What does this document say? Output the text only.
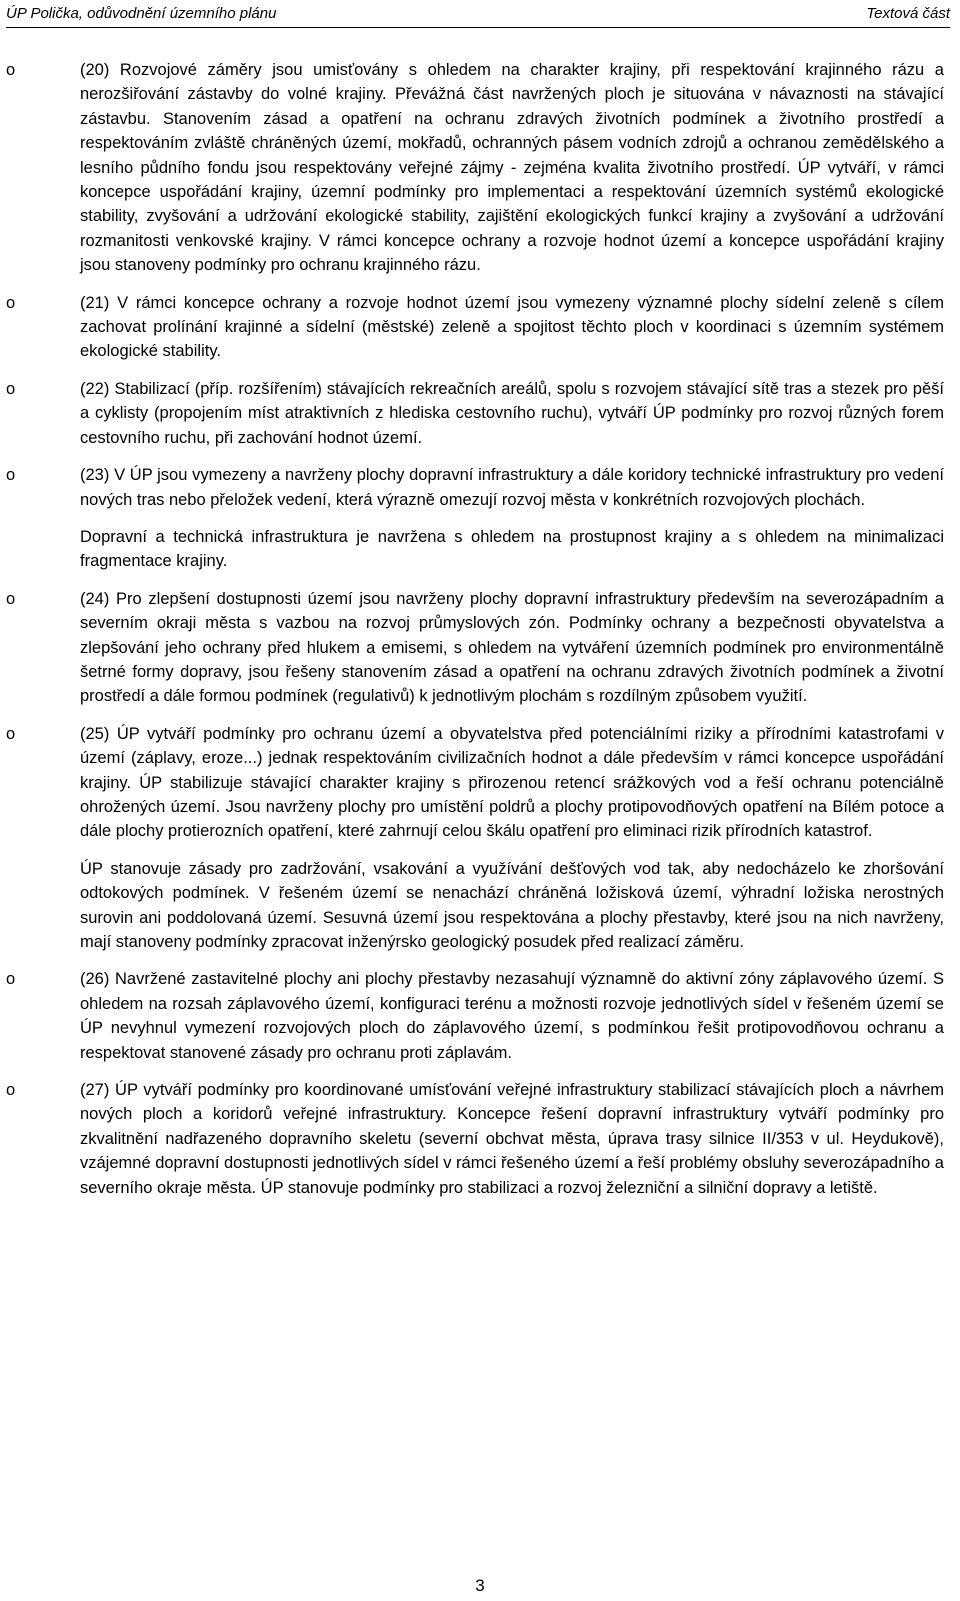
ÚP Polička, odůvodnění územního plánu	Textová část
o	(20) Rozvojové záměry jsou umisťovány s ohledem na charakter krajiny, při respektování krajinného rázu a nerozšiřování zástavby do volné krajiny. Převážná část navržených ploch je situována v návaznosti na stávající zástavbu. Stanovením zásad a opatření na ochranu zdravých životních podmínek a životního prostředí a respektováním zvláště chráněných území, mokřadů, ochranných pásem vodních zdrojů a ochranou zemědělského a lesního půdního fondu jsou respektovány veřejné zájmy - zejména kvalita životního prostředí. ÚP vytváří, v rámci koncepce uspořádání krajiny, územní podmínky pro implementaci a respektování územních systémů ekologické stability, zvyšování a udržování ekologické stability, zajištění ekologických funkcí krajiny a zvyšování a udržování rozmanitosti venkovské krajiny. V rámci koncepce ochrany a rozvoje hodnot území a koncepce uspořádání krajiny jsou stanoveny podmínky pro ochranu krajinného rázu.

o	(21) V rámci koncepce ochrany a rozvoje hodnot území jsou vymezeny významné plochy sídelní zeleně s cílem zachovat prolínání krajinné a sídelní (městské) zeleně a spojitost těchto ploch v koordinaci s územním systémem ekologické stability.

o	(22) Stabilizací (příp. rozšířením) stávajících rekreačních areálů, spolu s rozvojem stávající sítě tras a stezek pro pěší a cyklisty (propojením míst atraktivních z hlediska cestovního ruchu), vytváří ÚP podmínky pro rozvoj různých forem cestovního ruchu, při zachování hodnot území.

o	(23) V ÚP jsou vymezeny a navrženy plochy dopravní infrastruktury a dále koridory technické infrastruktury pro vedení nových tras nebo přeložek vedení, která výrazně omezují rozvoj města v konkrétních rozvojových plochách.

Dopravní a technická infrastruktura je navržena s ohledem na prostupnost krajiny a s ohledem na minimalizaci fragmentace krajiny.

o	(24) Pro zlepšení dostupnosti území jsou navrženy plochy dopravní infrastruktury především na severozápadním a severním okraji města s vazbou na rozvoj průmyslových zón. Podmínky ochrany a bezpečnosti obyvatelstva a zlepšování jeho ochrany před hlukem a emisemi, s ohledem na vytváření územních podmínek pro environmentálně šetrné formy dopravy, jsou řešeny stanovením zásad a opatření na ochranu zdravých životních podmínek a životní prostředí a dále formou podmínek (regulativů) k jednotlivým plochám s rozdílným způsobem využití.

o	(25) ÚP vytváří podmínky pro ochranu území a obyvatelstva před potenciálními riziky a přírodními katastrofami v území (záplavy, eroze...) jednak respektováním civilizačních hodnot a dále především v rámci koncepce uspořádání krajiny. ÚP stabilizuje stávající charakter krajiny s přirozenou retencí srážkových vod a řeší ochranu potenciálně ohrožených území. Jsou navrženy plochy pro umístění poldrů a plochy protipovodňových opatření na Bílém potoce a dále plochy protierozních opatření, které zahrnují celou škálu opatření pro eliminaci rizik přírodních katastrof.

ÚP stanovuje zásady pro zadržování, vsakování a využívání dešťových vod tak, aby nedocházelo ke zhoršování odtokových podmínek. V řešeném území se nenachází chráněná ložisková území, výhradní ložiska nerostných surovin ani poddolovaná území. Sesuvná území jsou respektována a plochy přestavby, které jsou na nich navrženy, mají stanoveny podmínky zpracovat inženýrsko geologický posudek před realizací záměru.

o	(26) Navržené zastavitelné plochy ani plochy přestavby nezasahují významně do aktivní zóny záplavového území. S ohledem na rozsah záplavového území, konfiguraci terénu a možnosti rozvoje jednotlivých sídel v řešeném území se ÚP nevyhnul vymezení rozvojových ploch do záplavového území, s podmínkou řešit protipovodňovou ochranu a respektovat stanovené zásady pro ochranu proti záplavám.

o	(27) ÚP vytváří podmínky pro koordinované umísťování veřejné infrastruktury stabilizací stávajících ploch a návrhem nových ploch a koridorů veřejné infrastruktury. Koncepce řešení dopravní infrastruktury vytváří podmínky pro zkvalitnění nadřazeného dopravního skeletu (severní obchvat města, úprava trasy silnice II/353 v ul. Heydukově), vzájemné dopravní dostupnosti jednotlivých sídel v rámci řešeného území a řeší problémy obsluhy severozápadního a severního okraje města. ÚP stanovuje podmínky pro stabilizaci a rozvoj železniční a silniční dopravy a letiště.

3
